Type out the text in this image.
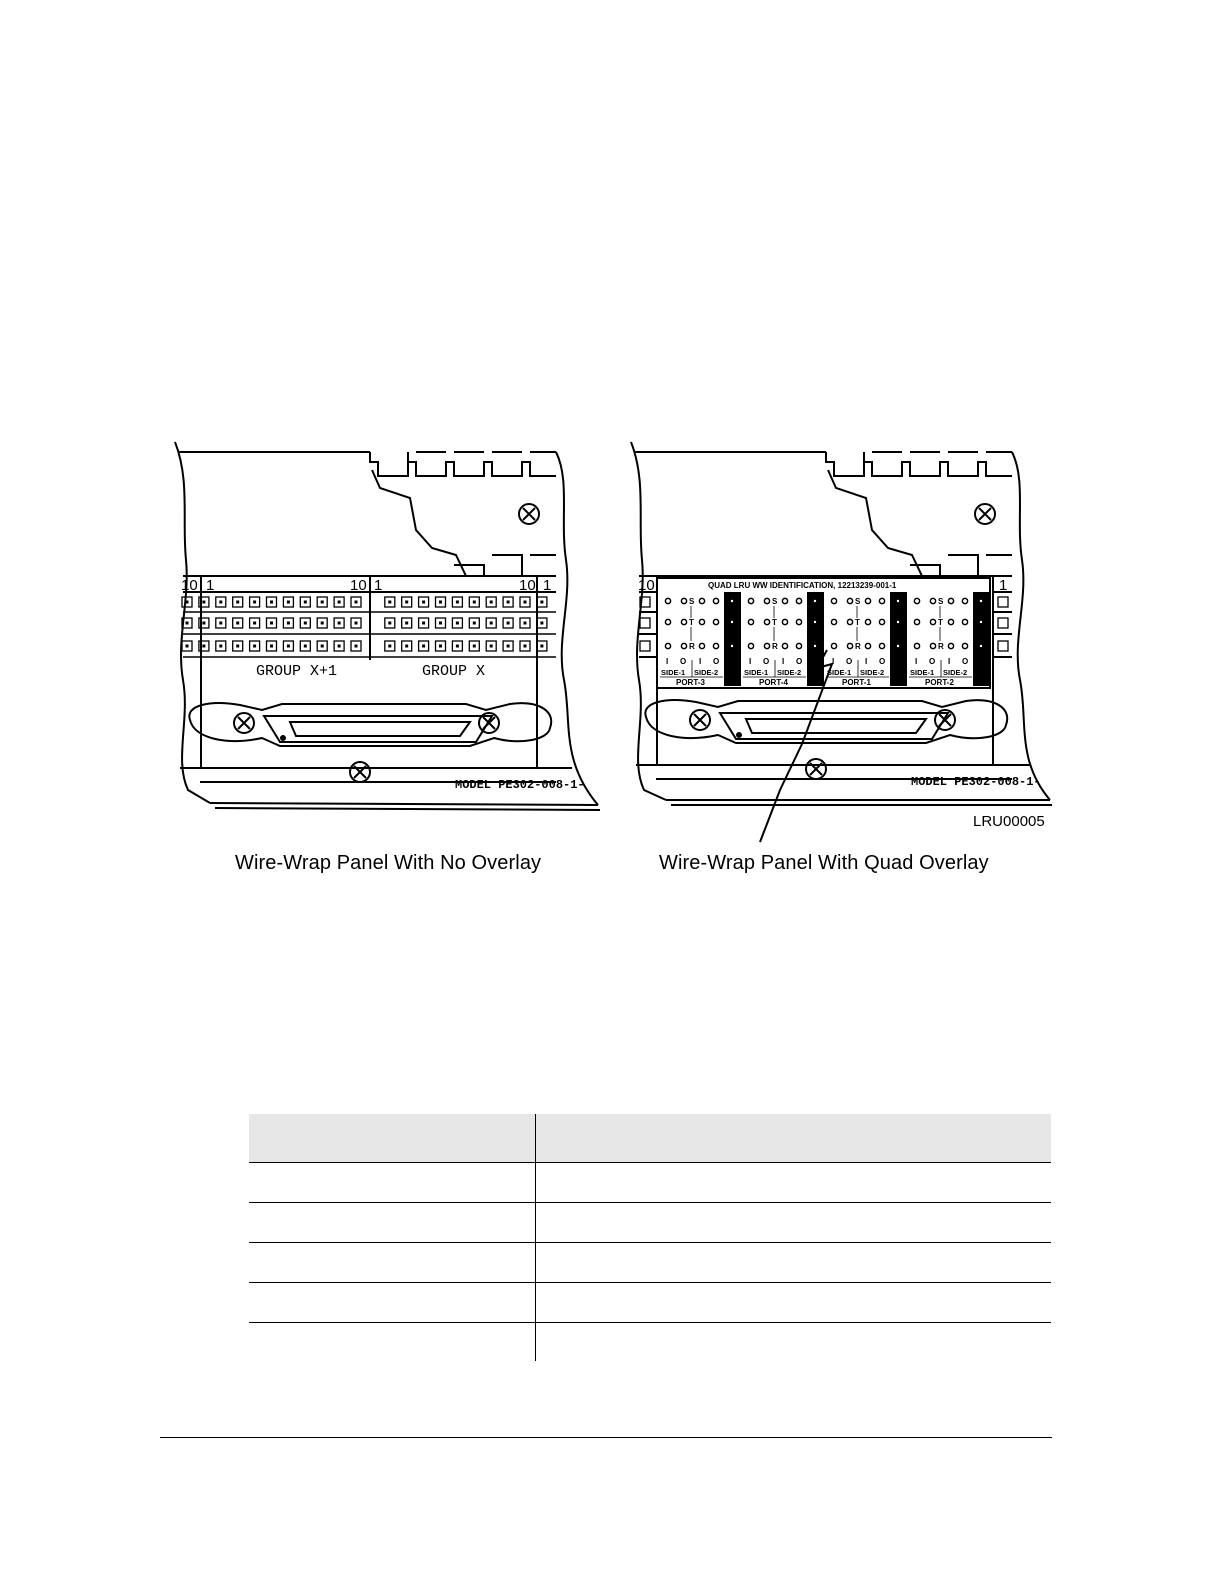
10 1	10 1	10 1
GROUP X+1	GROUP X
MODEL PE302-008-1-
10	1
QUAD LRU WW IDENTIFICATION, 12213239-001-1
MODEL PE302-008-1-
S
T
R
I O I O
SIDE-1 SIDE-2
PORT-3
S
T
R
I O I O
SIDE-1 SIDE-2
PORT-4
S
T
R
I O I O
SIDE-1 SIDE-2
PORT-1
S
T
R
I O I O
SIDE-1 SIDE-2
PORT-2
LRU00005
Wire-Wrap Panel With No Overlay	Wire-Wrap Panel With Quad Overlay
